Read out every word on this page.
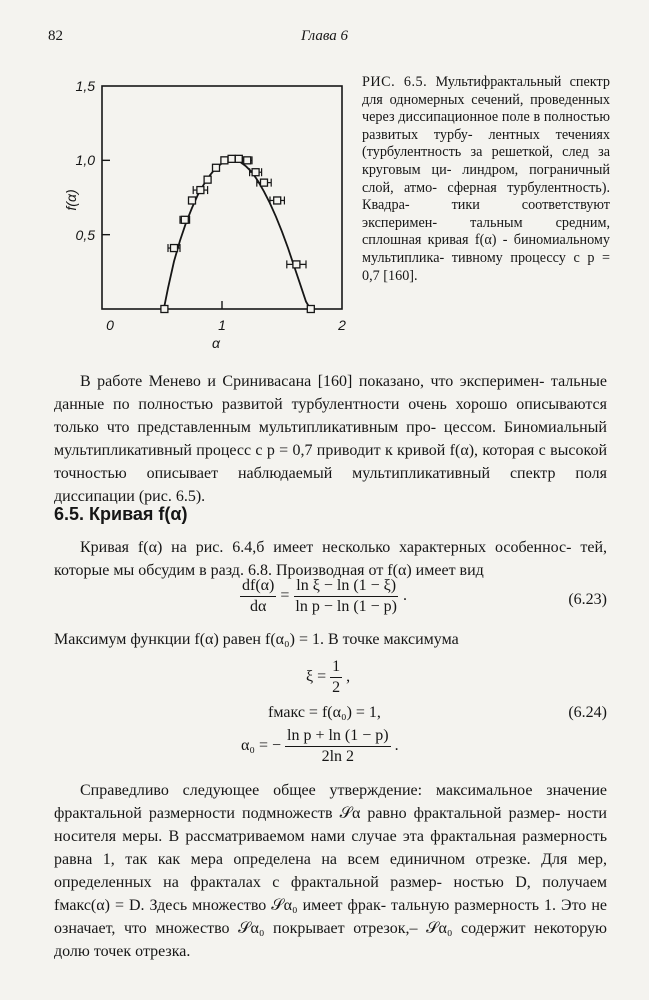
82	Глава 6
0	1	2
0,5
1,0
1,5
α
f(α)
РИС. 6.5. Мультифрактальный спектр для одномерных сечений, проведенных через диссипационное поле в полностью развитых турбу- лентных течениях (турбулентность за решеткой, след за круговым ци- линдром, пограничный слой, атмо- сферная турбулентность). Квадра-	тики соответствуют эксперимен- тальным средним, сплошная кривая f(α) - биномиальному мультиплика- тивному процессу с p = 0,7 [160].
В работе Менево и Сринивасана [160] показано, что эксперимен- тальные данные по полностью развитой турбулентности очень хорошо описываются только что представленным мультипликативным про- цессом. Биномиальный мультипликативный процесс с p = 0,7 приводит к кривой f(α), которая с высокой точностью описывает наблюдаемый мультипликативный спектр поля диссипации (рис. 6.5).
6.5. Кривая f(α)
Кривая f(α) на рис. 6.4,б имеет несколько характерных особеннос- тей, которые мы обсудим в разд. 6.8. Производная от f(α) имеет вид
$\frac{df(\alpha)}{d\alpha} = \frac{\text{ln ξ − ln (1 − ξ)}}{\text{ln p − ln (1 − p)}}$ .	(6.23)
Максимум функции f(α) равен f(α₀) = 1. В точке максимума
$\xi = \frac{1}{2}$ ,
fмакс = f(α₀) = 1,
α₀ = − $\frac{\text{ln p + ln (1 − p)}}{2\ln 2}$ .
(6.24)
Справедливо следующее общее утверждение: максимальное значение фрактальной размерности подмножеств 𝒮α равно фрактальной размер- ности носителя меры. В рассматриваемом нами случае эта фрактальная размерность равна 1, так как мера определена на всем единичном отрезке. Для мер, определенных на фракталах с фрактальной размер- ностью D, получаем fмакс(α) = D. Здесь множество 𝒮α₀ имеет фрак- тальную размерность 1. Это не означает, что множество 𝒮α₀ покрывает отрезок,– 𝒮α₀ содержит некоторую долю точек отрезка.
